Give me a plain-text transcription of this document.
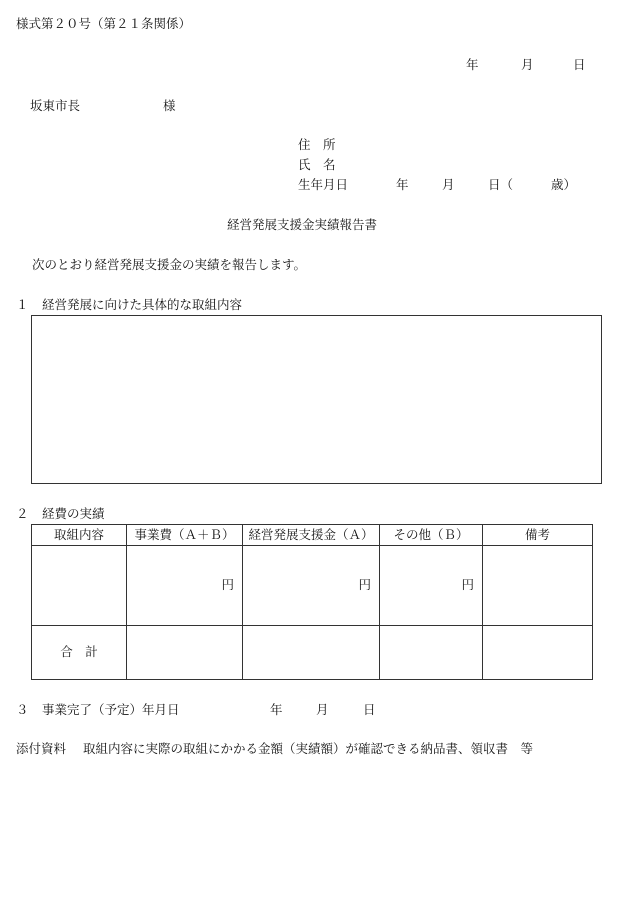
様式第２０号（第２１条関係）
年	月	日
坂東市長	様
住　所
氏　名
生年月日	年	月	日（	歳）
経営発展支援金実績報告書
次のとおり経営発展支援金の実績を報告します。
１ 経営発展に向けた具体的な取組内容
２ 経費の実績
取組内容	事業費（Ａ＋Ｂ）	経営発展支援金（Ａ）	その他（Ｂ）	備考
	円	円	円	
合　計				
３ 事業完了（予定）年月日	年	月	日
添付資料 取組内容に実際の取組にかかる金額（実績額）が確認できる納品書、領収書　等
